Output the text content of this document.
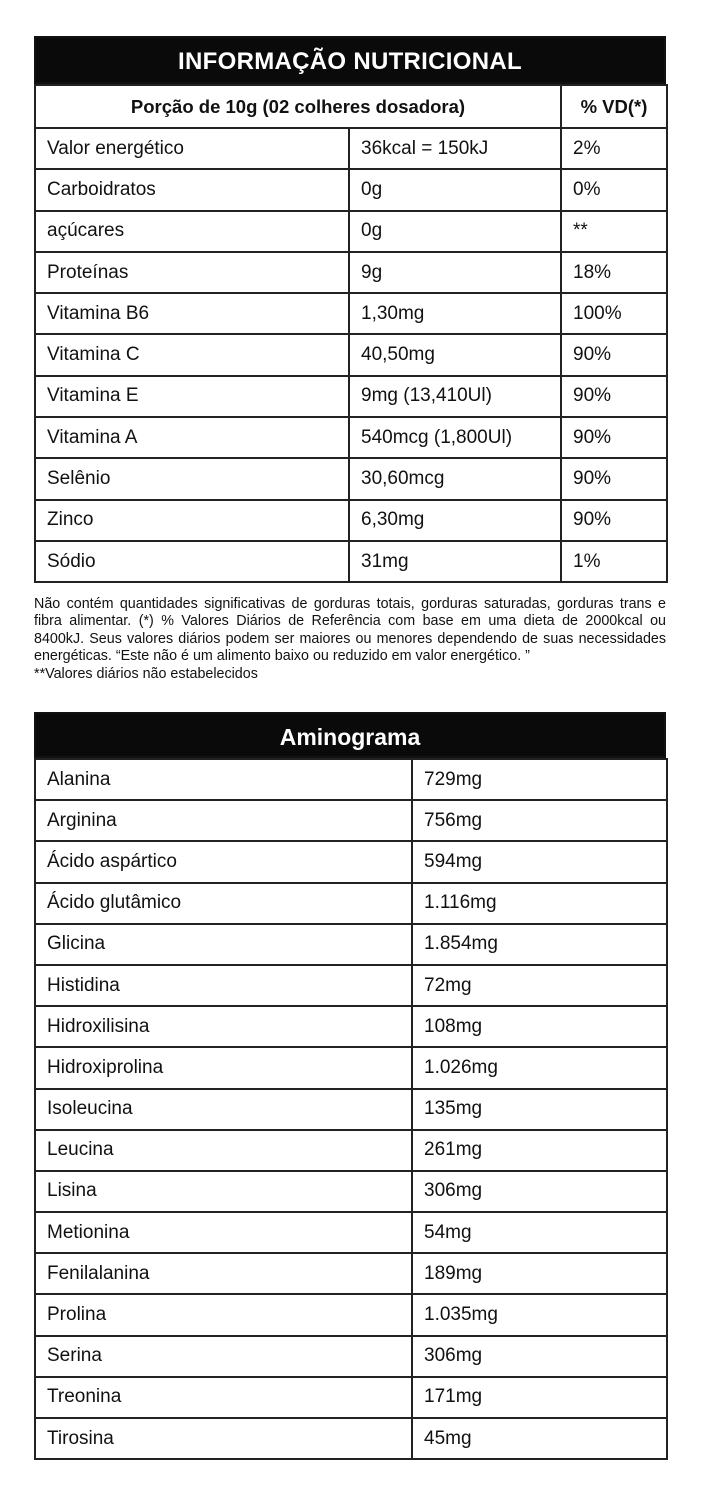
INFORMAÇÃO NUTRICIONAL
Porção de 10g (02 colheres dosadora)		% VD(*)
Valor energético	36kcal = 150kJ	2%
Carboidratos	0g	0%
açúcares	0g	**
Proteínas	9g	18%
Vitamina B6	1,30mg	100%
Vitamina C	40,50mg	90%
Vitamina E	9mg (13,410Ul)	90%
Vitamina A	540mcg (1,800Ul)	90%
Selênio	30,60mcg	90%
Zinco	6,30mg	90%
Sódio	31mg	1%

Não contém quantidades significativas de gorduras totais, gorduras saturadas, gorduras trans e fibra alimentar. (*) % Valores Diários de Referência com base em uma dieta de 2000kcal ou 8400kJ. Seus valores diários podem ser maiores ou menores dependendo de suas necessidades energéticas. “Este não é um alimento baixo ou reduzido em valor energético. ”

**Valores diários não estabelecidos

Aminograma
Alanina	729mg
Arginina	756mg
Ácido aspártico	594mg
Ácido glutâmico	1.116mg
Glicina	1.854mg
Histidina	72mg
Hidroxilisina	108mg
Hidroxiprolina	1.026mg
Isoleucina	135mg
Leucina	261mg
Lisina	306mg
Metionina	54mg
Fenilalanina	189mg
Prolina	1.035mg
Serina	306mg
Treonina	171mg
Tirosina	45mg
